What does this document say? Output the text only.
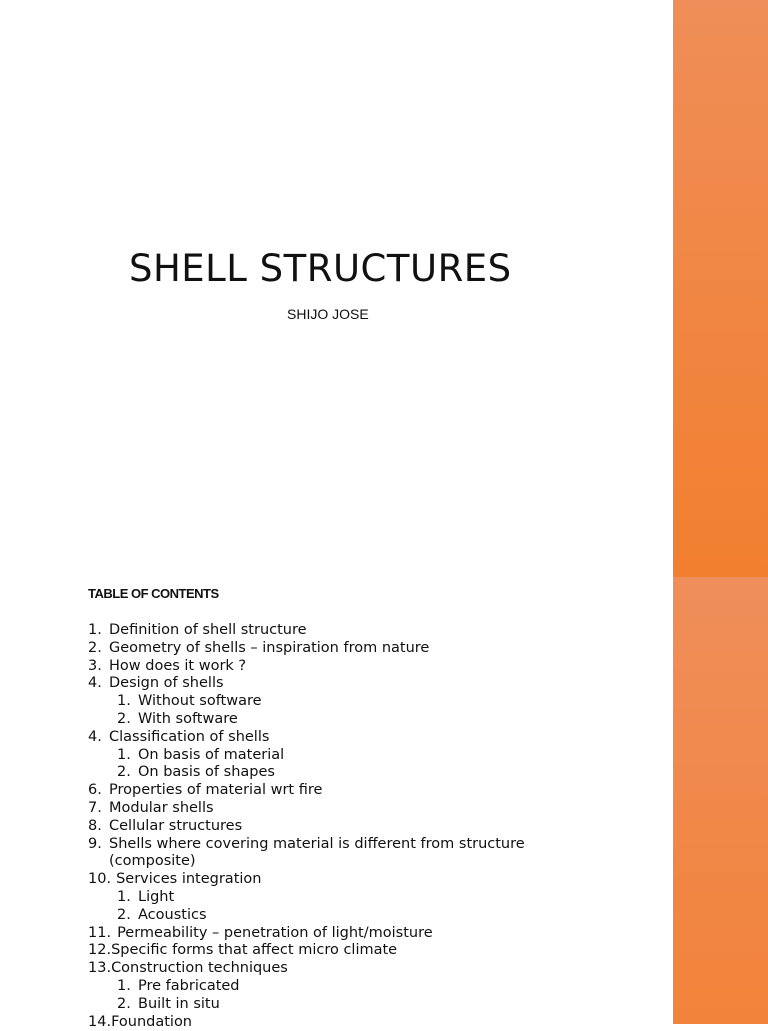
SHELL STRUCTURES
SHIJO JOSE
TABLE OF CONTENTS
1. Definition of shell structure
2. Geometry of shells – inspiration from nature
3. How does it work ?
4. Design of shells
1. Without software
2. With software
4. Classification of shells
1. On basis of material
2. On basis of shapes
6. Properties of material wrt fire
7. Modular shells
8. Cellular structures
9. Shells where covering material is different from structure
(composite)
10. Services integration
1. Light
2. Acoustics
11. Permeability – penetration of light/moisture
12.Specific forms that affect micro climate
13.Construction techniques
1. Pre fabricated
2. Built in situ
14.Foundation
